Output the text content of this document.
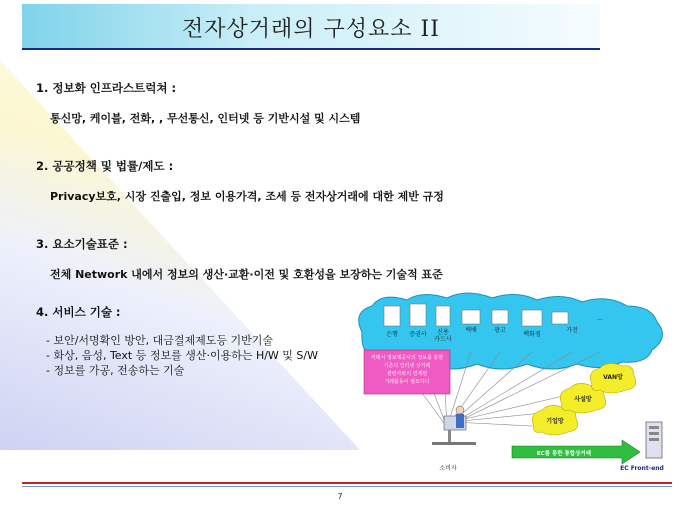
전자상거래의 구성요소 II
1. 정보화 인프라스트럭쳐 :
통신망, 케이블, 전화, , 무선통신, 인터넷 등 기반시설 및 시스템
2. 공공정책 및 법률/제도 :
Privacy보호, 시장 진출입, 정보 이용가격, 조세 등 전자상거래에 대한 제반 규정
3. 요소기술표준 :
전체 Network 내에서 정보의 생산·교환·이전 및 호환성을 보장하는 기술적 표준
4. 서비스 기술 :
- 보안/서명확인 방안, 대금결제제도등 기반기술
- 화상, 음성, Text 등 정보를 생산·이용하는 H/W 및 S/W
- 정보를 가공, 전송하는 기술
은행 증권사 신용
카드사
택배	광고
백화점
가전
...
거래시 정보제공사의 정보를 통한
기존의 인터넷 상거래
관련사와의 연계된
거래활동이 필요하다
기업망
사설망
VAN망
EC를 통한 통합상거래
소비자	EC Front-end
7
